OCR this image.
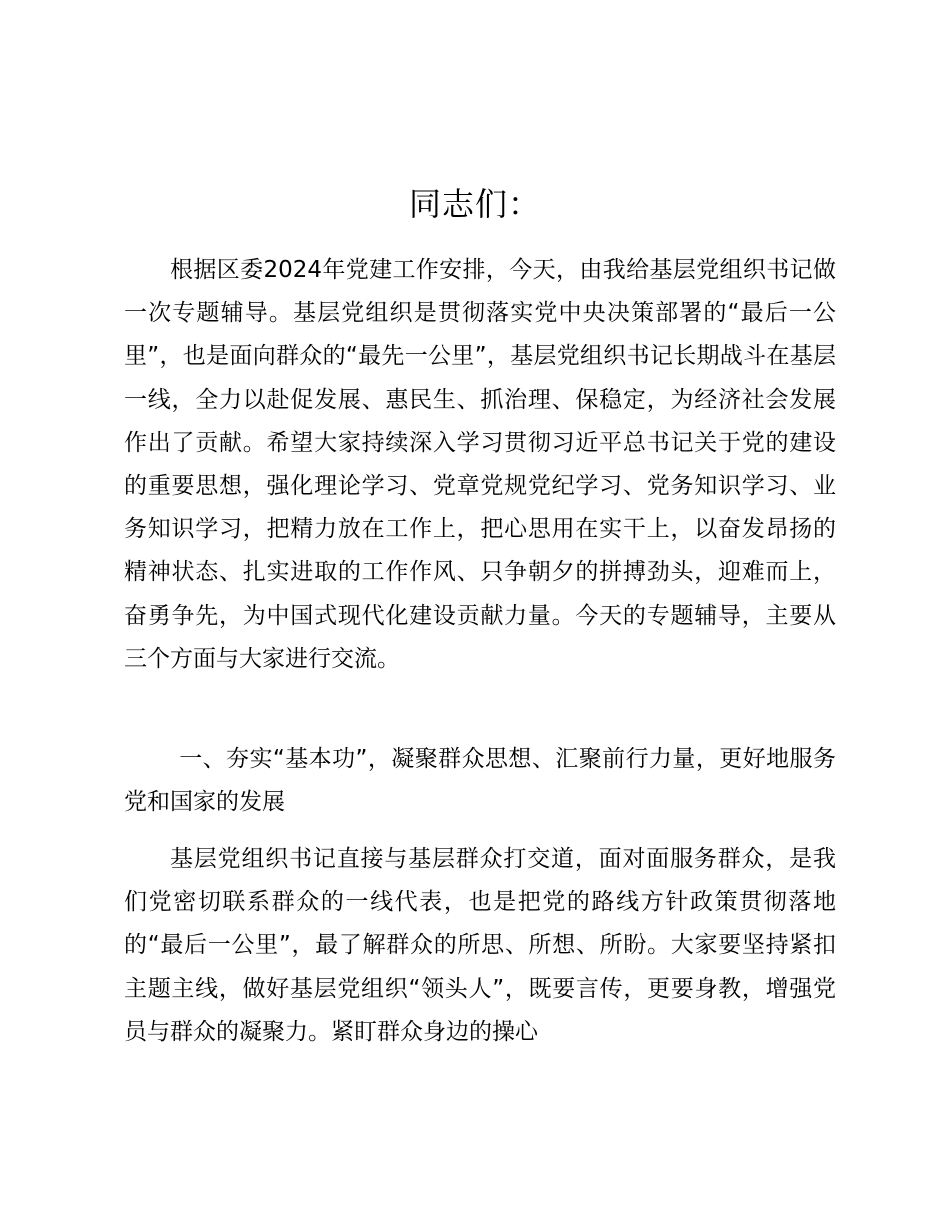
同志们：

根据区委2024年党建工作安排，今天，由我给基层党组织书记做一次专题辅导。基层党组织是贯彻落实党中央决策部署的“最后一公里”，也是面向群众的“最先一公里”，基层党组织书记长期战斗在基层一线，全力以赴促发展、惠民生、抓治理、保稳定，为经济社会发展作出了贡献。希望大家持续深入学习贯彻习近平总书记关于党的建设的重要思想，强化理论学习、党章党规党纪学习、党务知识学习、业务知识学习，把精力放在工作上，把心思用在实干上，以奋发昂扬的精神状态、扎实进取的工作作风、只争朝夕的拼搏劲头，迎难而上，奋勇争先，为中国式现代化建设贡献力量。今天的专题辅导，主要从三个方面与大家进行交流。

一、夯实“基本功”，凝聚群众思想、汇聚前行力量，更好地服务党和国家的发展

基层党组织书记直接与基层群众打交道，面对面服务群众，是我们党密切联系群众的一线代表，也是把党的路线方针政策贯彻落地的“最后一公里”，最了解群众的所思、所想、所盼。大家要坚持紧扣主题主线，做好基层党组织“领头人”，既要言传，更要身教，增强党员与群众的凝聚力。紧盯群众身边的操心
